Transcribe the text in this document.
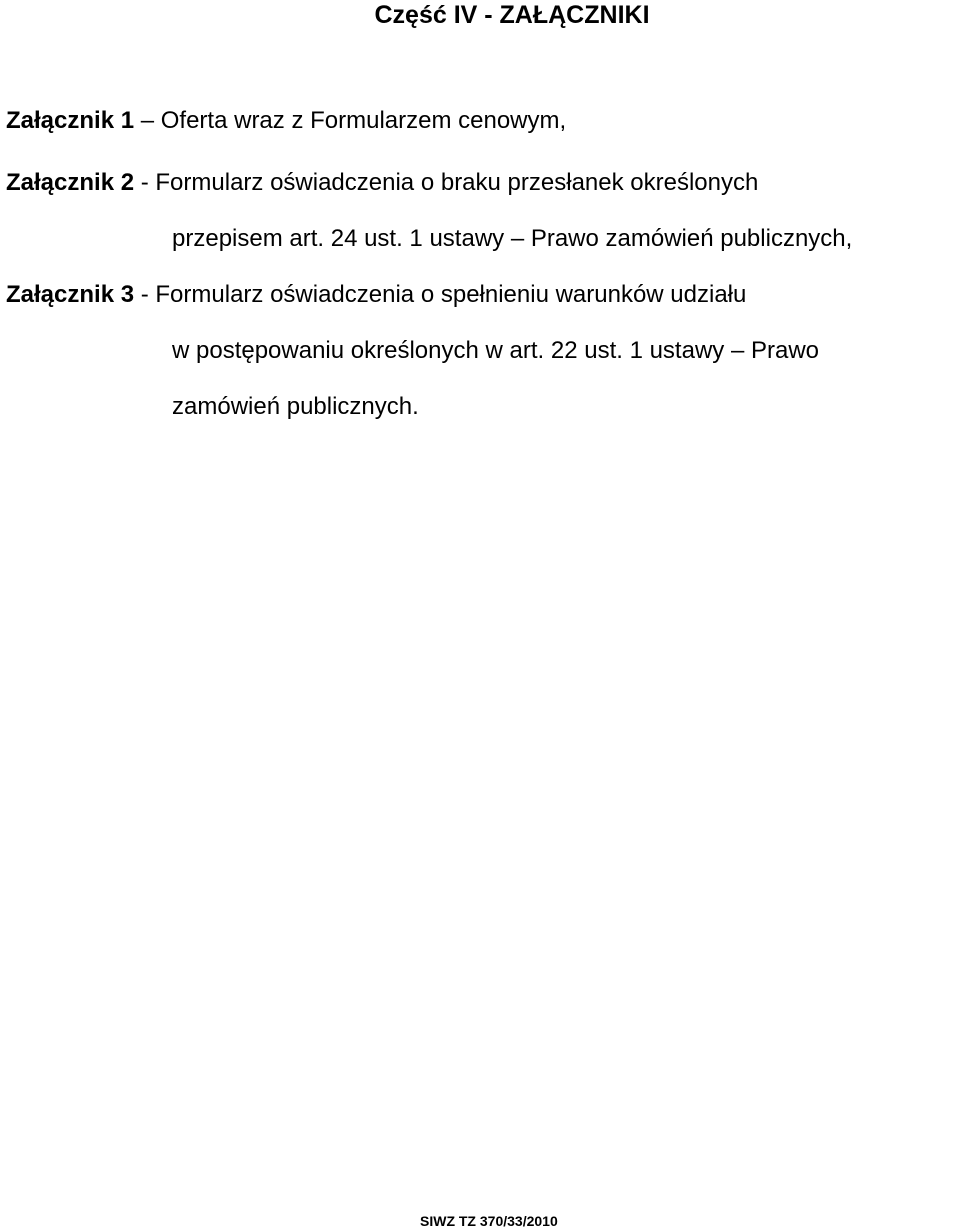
Część IV - ZAŁĄCZNIKI
Załącznik 1 – Oferta wraz z Formularzem cenowym,
Załącznik 2 - Formularz oświadczenia o braku przesłanek określonych
przepisem art. 24 ust. 1 ustawy – Prawo zamówień publicznych,
Załącznik 3 - Formularz oświadczenia o spełnieniu warunków udziału
w postępowaniu określonych w art. 22 ust. 1 ustawy – Prawo
zamówień publicznych.
SIWZ TZ 370/33/2010
